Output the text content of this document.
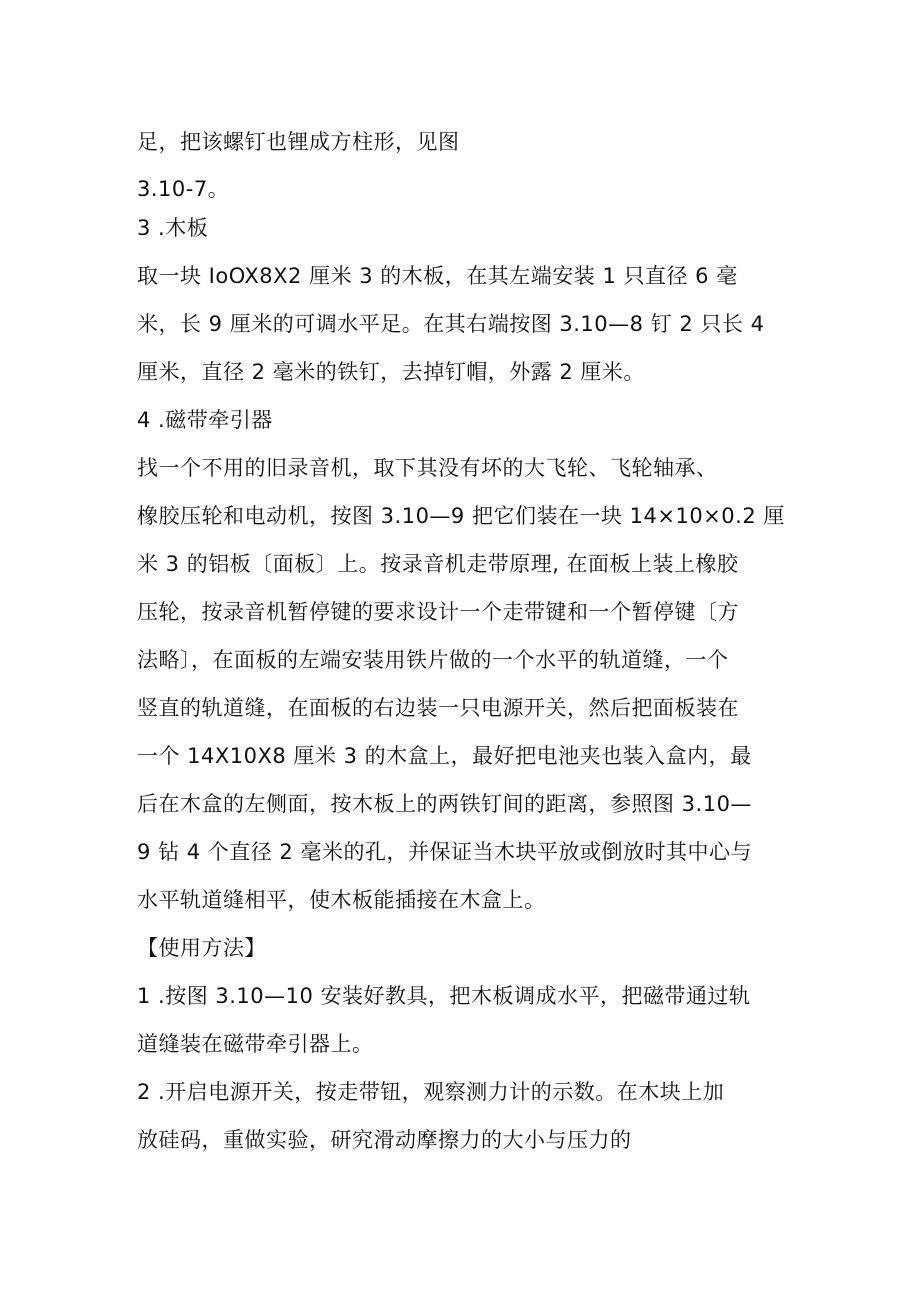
足，把该螺钉也锂成方柱形，见图
3.10-7。
3 .木板
取一块 IoOX8X2 厘米 3 的木板，在其左端安装 1 只直径 6 毫
米，长 9 厘米的可调水平足。在其右端按图 3.10—8 钉 2 只长 4
厘米，直径 2 毫米的铁钉，去掉钉帽，外露 2 厘米。
4 .磁带牵引器
找一个不用的旧录音机，取下其没有坏的大飞轮、飞轮轴承、
橡胶压轮和电动机，按图 3.10—9 把它们装在一块 14×10×0.2 厘
米 3 的铝板〔面板〕上。按录音机走带原理, 在面板上装上橡胶
压轮，按录音机暂停键的要求设计一个走带键和一个暂停键〔方
法略〕，在面板的左端安装用铁片做的一个水平的轨道缝，一个
竖直的轨道缝，在面板的右边装一只电源开关，然后把面板装在
一个 14X10X8 厘米 3 的木盒上，最好把电池夹也装入盒内，最
后在木盒的左侧面，按木板上的两铁钉间的距离，参照图 3.10—
9 钻 4 个直径 2 毫米的孔，并保证当木块平放或倒放时其中心与
水平轨道缝相平，使木板能插接在木盒上。
【使用方法】
1 .按图 3.10—10 安装好教具，把木板调成水平，把磁带通过轨
道缝装在磁带牵引器上。
2 .开启电源开关，按走带钮，观察测力计的示数。在木块上加
放硅码，重做实验，研究滑动摩擦力的大小与压力的
